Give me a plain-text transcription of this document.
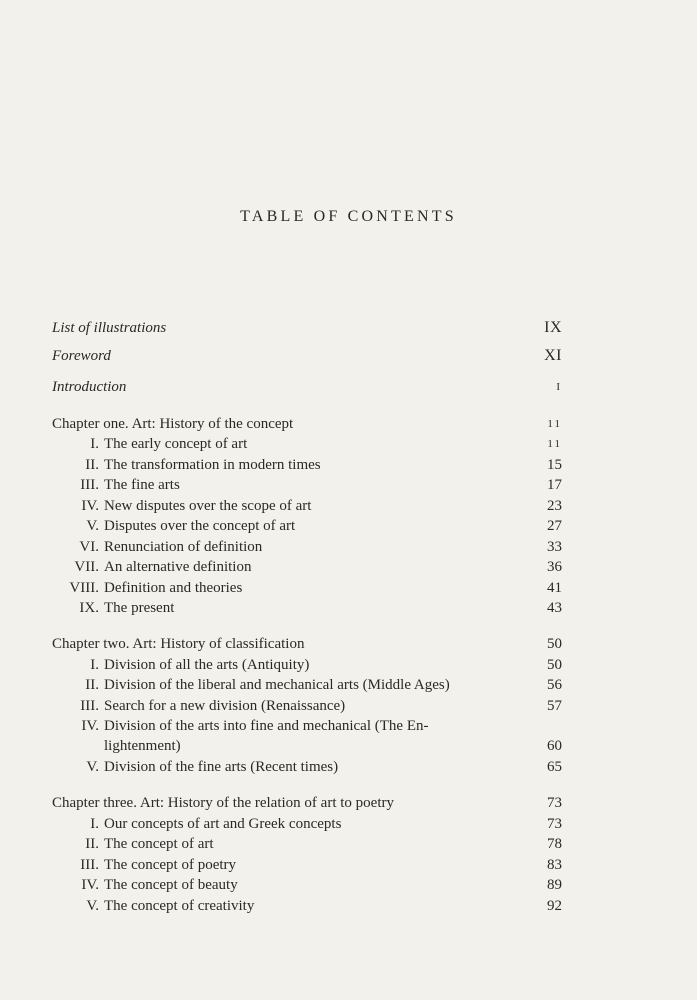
TABLE OF CONTENTS
List of illustrations	IX
Foreword	XI
Introduction	I
Chapter one. Art: History of the concept	11
I. The early concept of art	11
II. The transformation in modern times	15
III. The fine arts	17
IV. New disputes over the scope of art	23
V. Disputes over the concept of art	27
VI. Renunciation of definition	33
VII. An alternative definition	36
VIII. Definition and theories	41
IX. The present	43
Chapter two. Art: History of classification	50
I. Division of all the arts (Antiquity)	50
II. Division of the liberal and mechanical arts (Middle Ages)	56
III. Search for a new division (Renaissance)	57
IV. Division of the arts into fine and mechanical (The En-
lightenment)	60
V. Division of the fine arts (Recent times)	65
Chapter three. Art: History of the relation of art to poetry	73
I. Our concepts of art and Greek concepts	73
II. The concept of art	78
III. The concept of poetry	83
IV. The concept of beauty	89
V. The concept of creativity	92
